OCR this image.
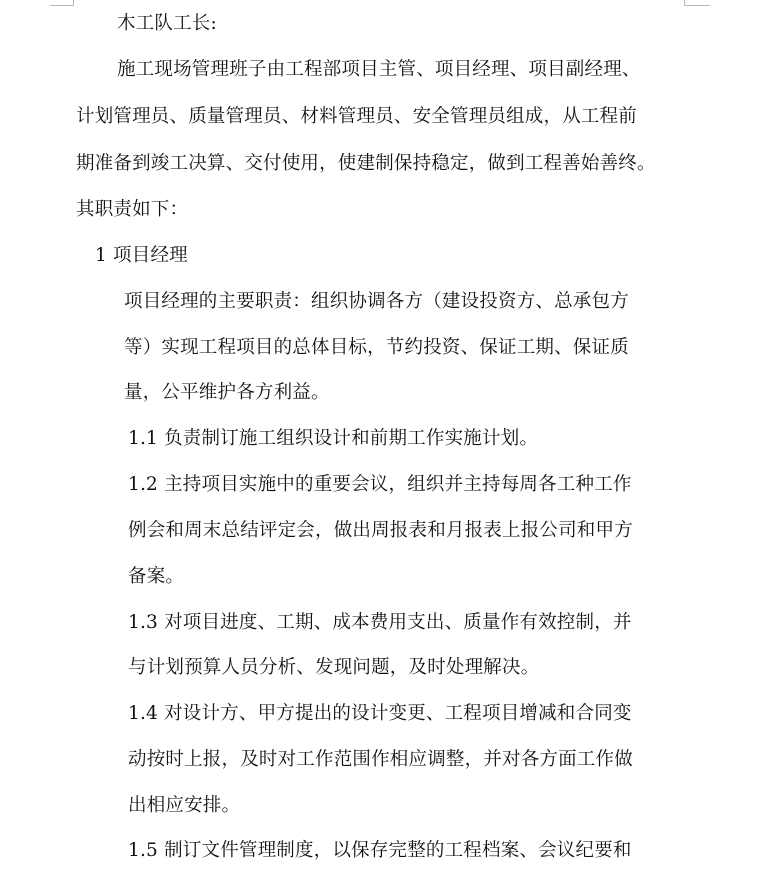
木工队工长:
施工现场管理班子由工程部项目主管、项目经理、项目副经理、
计划管理员、质量管理员、材料管理员、安全管理员组成，从工程前
期准备到竣工决算、交付使用，使建制保持稳定，做到工程善始善终。
其职责如下：
1 项目经理
项目经理的主要职责：组织协调各方（建设投资方、总承包方
等）实现工程项目的总体目标，节约投资、保证工期、保证质
量，公平维护各方利益。
1.1 负责制订施工组织设计和前期工作实施计划。
1.2 主持项目实施中的重要会议，组织并主持每周各工种工作
例会和周末总结评定会，做出周报表和月报表上报公司和甲方
备案。
1.3 对项目进度、工期、成本费用支出、质量作有效控制，并
与计划预算人员分析、发现问题，及时处理解决。
1.4 对设计方、甲方提出的设计变更、工程项目增减和合同变
动按时上报，及时对工作范围作相应调整，并对各方面工作做
出相应安排。
1.5 制订文件管理制度，以保存完整的工程档案、会议纪要和
